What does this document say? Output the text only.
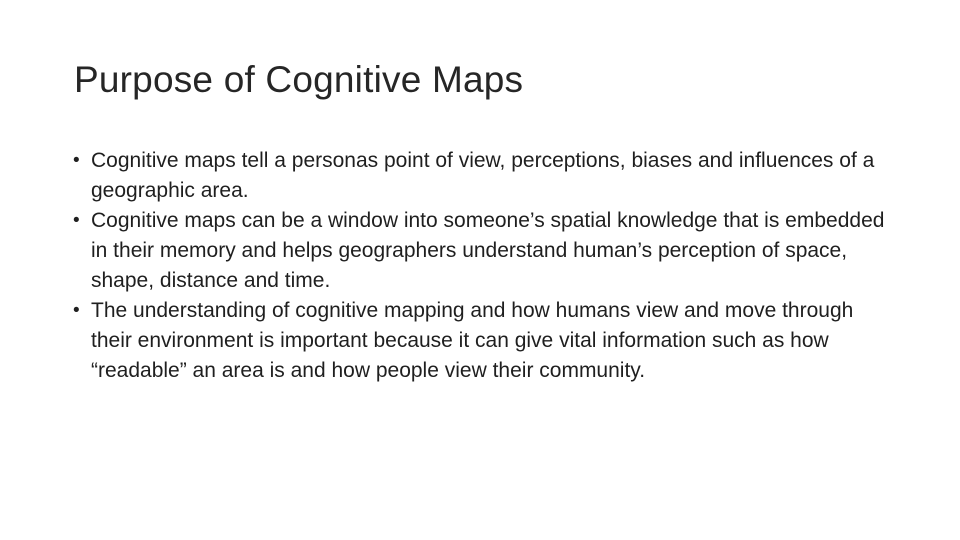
Purpose of Cognitive Maps
• Cognitive maps tell a personas point of view, perceptions, biases and influences of a geographic area.
• Cognitive maps can be a window into someone’s spatial knowledge that is embedded in their memory and helps geographers understand human’s perception of space, shape, distance and time.
• The understanding of cognitive mapping and how humans view and move through their environment is important because it can give vital information such as how “readable” an area is and how people view their community.
